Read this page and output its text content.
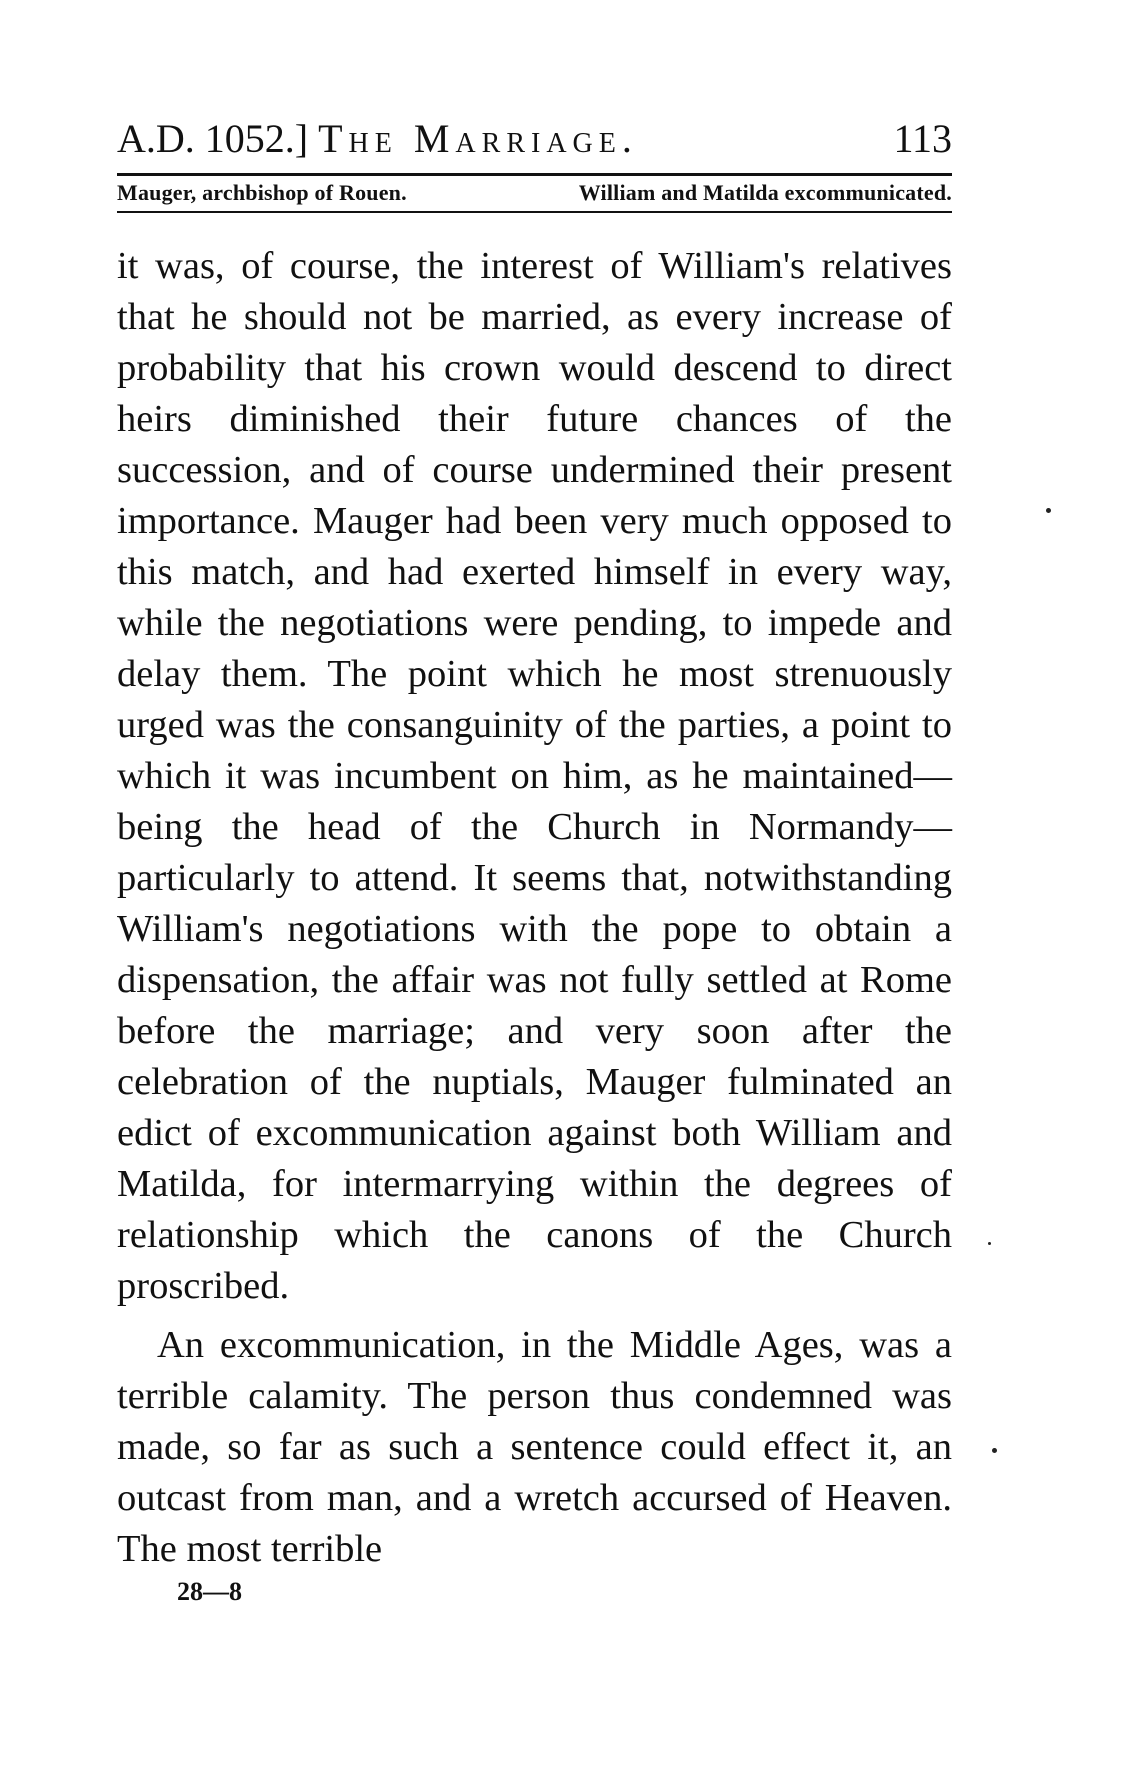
A.D. 1052.] The Marriage.	113
Mauger, archbishop of Rouen.	William and Matilda excommunicated.

it was, of course, the interest of William's relatives that he should not be married, as every increase of probability that his crown would descend to direct heirs diminished their future chances of the succession, and of course undermined their present importance. Mauger had been very much opposed to this match, and had exerted himself in every way, while the negotiations were pending, to impede and delay them. The point which he most strenuously urged was the consanguinity of the parties, a point to which it was incumbent on him, as he maintained—being the head of the Church in Normandy—particularly to attend. It seems that, notwithstanding William's negotiations with the pope to obtain a dispensation, the affair was not fully settled at Rome before the marriage; and very soon after the celebration of the nuptials, Mauger fulminated an edict of excommunication against both William and Matilda, for intermarrying within the degrees of relationship which the canons of the Church proscribed.

An excommunication, in the Middle Ages, was a terrible calamity. The person thus condemned was made, so far as such a sentence could effect it, an outcast from man, and a wretch accursed of Heaven. The most terrible

28—8
